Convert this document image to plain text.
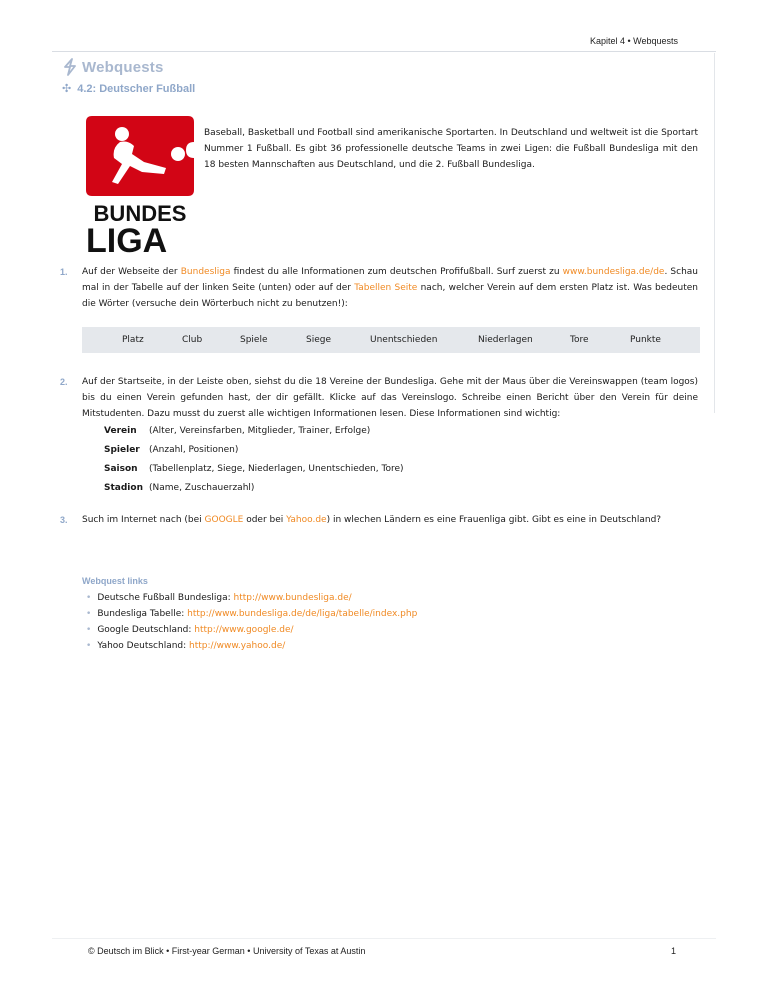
Kapitel 4 • Webquests
Webquests
✣ 4.2: Deutscher Fußball
BUNDES
LIGA
Baseball, Basketball und Football sind amerikanische Sportarten. In Deutschland und weltweit ist die Sportart Nummer 1 Fußball. Es gibt 36 professionelle deutsche Teams in zwei Ligen: die Fußball Bundesliga mit den 18 besten Mannschaften aus Deutschland, und die 2. Fußball Bundesliga.
1. Auf der Webseite der Bundesliga findest du alle Informationen zum deutschen Profifußball. Surf zuerst zu www.bundesliga.de/de. Schau mal in der Tabelle auf der linken Seite (unten) oder auf der Tabellen Seite nach, welcher Verein auf dem ersten Platz ist. Was bedeuten die Wörter (versuche dein Wörterbuch nicht zu benutzen!):
Platz	Club	Spiele	Siege	Unentschieden	Niederlagen	Tore	Punkte
2. Auf der Startseite, in der Leiste oben, siehst du die 18 Vereine der Bundesliga. Gehe mit der Maus über die Vereinswappen (team logos) bis du einen Verein gefunden hast, der dir gefällt. Klicke auf das Vereinslogo. Schreibe einen Bericht über den Verein für deine Mitstudenten. Dazu musst du zuerst alle wichtigen Informationen lesen. Diese Informationen sind wichtig:
Verein (Alter, Vereinsfarben, Mitglieder, Trainer, Erfolge)
Spieler (Anzahl, Positionen)
Saison (Tabellenplatz, Siege, Niederlagen, Unentschieden, Tore)
Stadion (Name, Zuschauerzahl)
3. Such im Internet nach (bei GOOGLE oder bei Yahoo.de) in wlechen Ländern es eine Frauenliga gibt. Gibt es eine in Deutschland?
Webquest links
• Deutsche Fußball Bundesliga: http://www.bundesliga.de/
• Bundesliga Tabelle: http://www.bundesliga.de/de/liga/tabelle/index.php
• Google Deutschland: http://www.google.de/
• Yahoo Deutschland: http://www.yahoo.de/
© Deutsch im Blick • First-year German • University of Texas at Austin	1
